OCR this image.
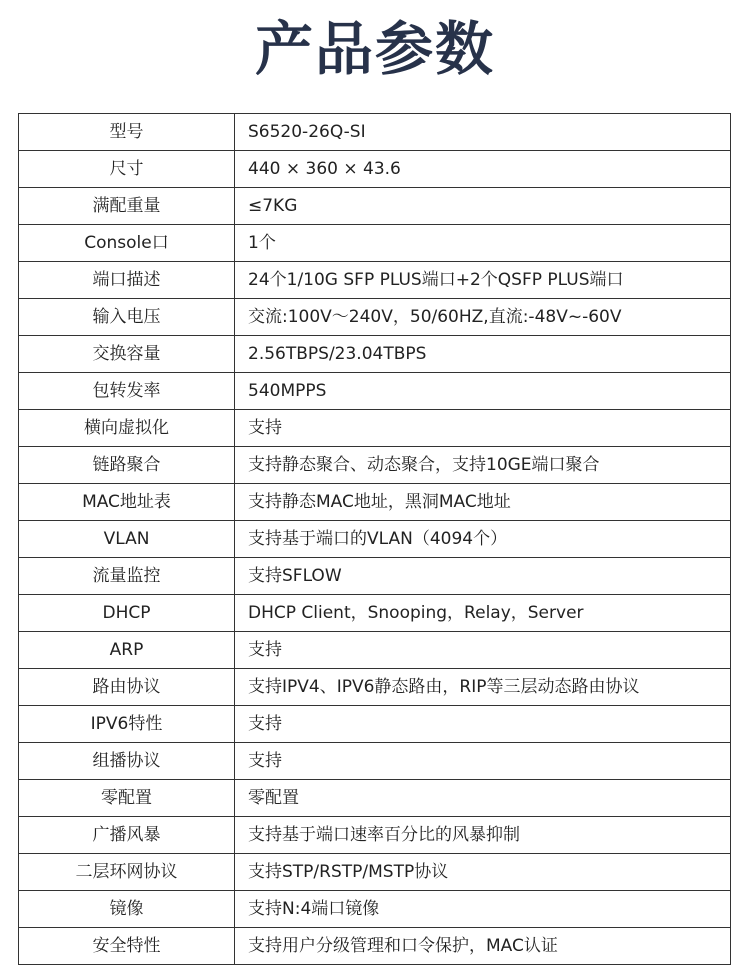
产品参数
型号	S6520-26Q-SI
尺寸	440 × 360 × 43.6
满配重量	≤7KG
Console口	1个
端口描述	24个1/10G SFP PLUS端口+2个QSFP PLUS端口
输入电压	交流:100V～240V，50/60HZ,直流:-48V~-60V
交换容量	2.56TBPS/23.04TBPS
包转发率	540MPPS
横向虚拟化	支持
链路聚合	支持静态聚合、动态聚合，支持10GE端口聚合
MAC地址表	支持静态MAC地址，黑洞MAC地址
VLAN	支持基于端口的VLAN（4094个）
流量监控	支持SFLOW
DHCP	DHCP Client，Snooping，Relay，Server
ARP	支持
路由协议	支持IPV4、IPV6静态路由，RIP等三层动态路由协议
IPV6特性	支持
组播协议	支持
零配置	零配置
广播风暴	支持基于端口速率百分比的风暴抑制
二层环网协议	支持STP/RSTP/MSTP协议
镜像	支持N:4端口镜像
安全特性	支持用户分级管理和口令保护，MAC认证
